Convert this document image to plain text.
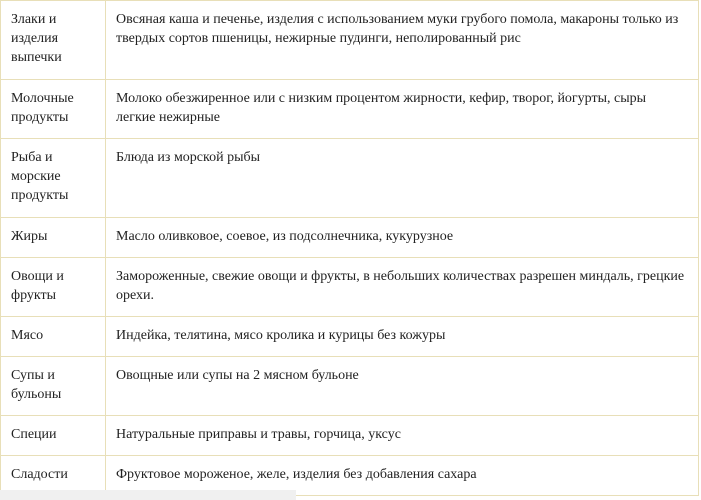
Злаки и изделия выпечки	Овсяная каша и печенье, изделия с использованием муки грубого помола, макароны только из твердых сортов пшеницы, нежирные пудинги, неполированный рис
Молочные продукты	Молоко обезжиренное или с низким процентом жирности, кефир, творог, йогурты, сыры легкие нежирные
Рыба и морские продукты	Блюда из морской рыбы
Жиры	Масло оливковое, соевое, из подсолнечника, кукурузное
Овощи и фрукты	Замороженные, свежие овощи и фрукты, в небольших количествах разрешен миндаль, грецкие орехи.
Мясо	Индейка, телятина, мясо кролика и курицы без кожуры
Супы и бульоны	Овощные или супы на 2 мясном бульоне
Специи	Натуральные приправы и травы, горчица, уксус
Сладости	Фруктовое мороженое, желе, изделия без добавления сахара
